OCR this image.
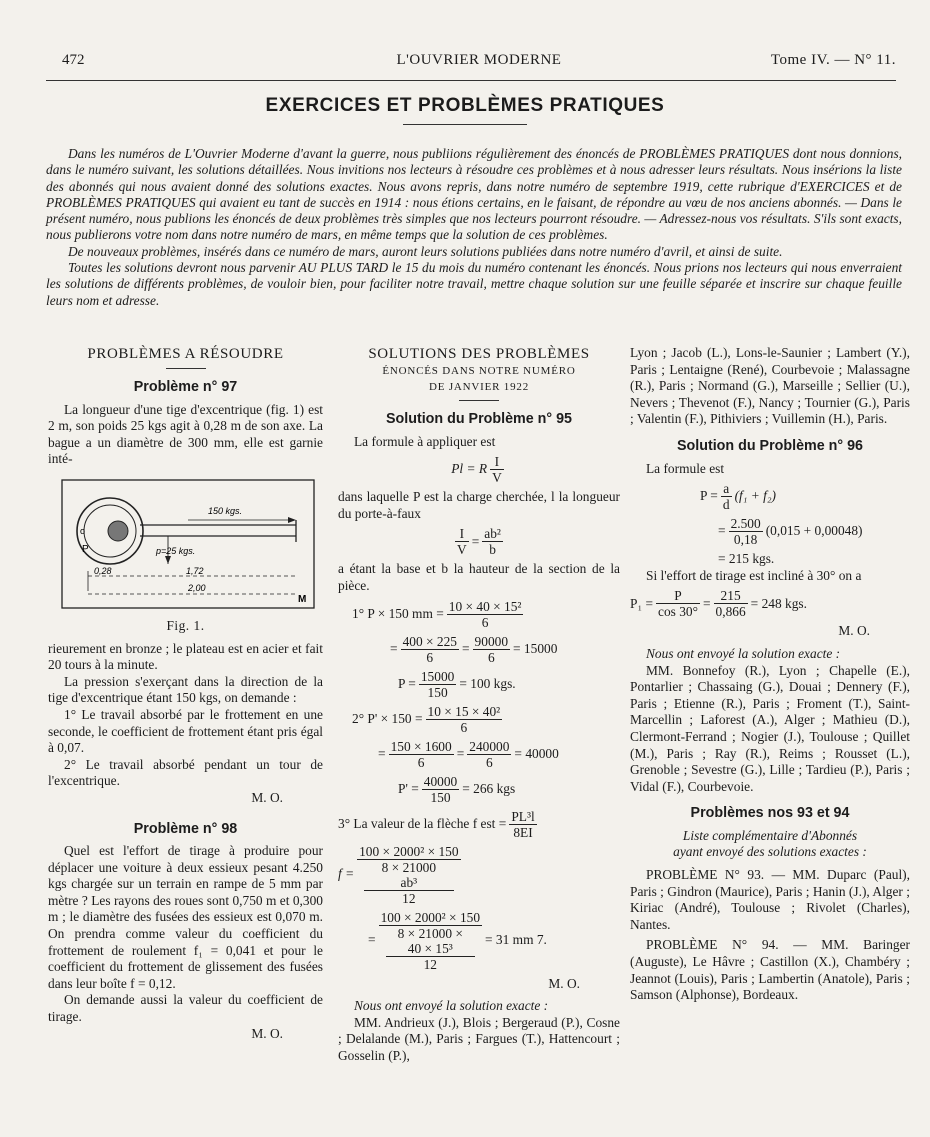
472	L'OUVRIER MODERNE	Tome IV. — N° 11.
EXERCICES ET PROBLÈMES PRATIQUES

Dans les numéros de L'Ouvrier Moderne d'avant la guerre, nous publiions régulièrement des énoncés de PROBLÈMES PRATIQUES dont nous donnions, dans le numéro suivant, les solutions détaillées. Nous invitions nos lecteurs à résoudre ces problèmes et à nous adresser leurs résultats. Nous insérions la liste des abonnés qui nous avaient donné des solutions exactes. Nous avons repris, dans notre numéro de septembre 1919, cette rubrique d'EXERCICES et de PROBLÈMES PRATIQUES qui avaient eu tant de succès en 1914 : nous étions certains, en le faisant, de répondre au vœu de nos anciens abonnés. — Dans le présent numéro, nous publions les énoncés de deux problèmes très simples que nos lecteurs pourront résoudre. — Adressez-nous vos résultats. S'ils sont exacts, nous publierons votre nom dans notre numéro de mars, en même temps que la solution de ces problèmes.

De nouveaux problèmes, insérés dans ce numéro de mars, auront leurs solutions publiées dans notre numéro d'avril, et ainsi de suite.

Toutes les solutions devront nous parvenir AU PLUS TARD le 15 du mois du numéro contenant les énoncés. Nous prions nos lecteurs qui nous enverraient les solutions de différents problèmes, de vouloir bien, pour faciliter notre travail, mettre chaque solution sur une feuille séparée et inscrire sur chaque feuille leurs nom et adresse.

PROBLÈMES A RÉSOUDRE
Problème n° 97

La longueur d'une tige d'excentrique (fig. 1) est 2 m, son poids 25 kgs agit à 0,28 m de son axe. La bague a un diamètre de 300 mm, elle est garnie inté-

150 kgs.
P	p=25 kgs.
0,28	1,72
2,00
o
M
Fig. 1.

rieurement en bronze ; le plateau est en acier et fait 20 tours à la minute.

La pression s'exerçant dans la direction de la tige d'excentrique étant 150 kgs, on demande :

1° Le travail absorbé par le frottement en une seconde, le coefficient de frottement étant pris égal à 0,07.

2° Le travail absorbé pendant un tour de l'excentrique.

M. O.
Problème n° 98

Quel est l'effort de tirage à produire pour déplacer une voiture à deux essieux pesant 4.250 kgs chargée sur un terrain en rampe de 5 mm par mètre ? Les rayons des roues sont 0,750 m et 0,300 m ; le diamètre des fusées des essieux est 0,070 m. On prendra comme valeur du coefficient du frottement de roulement f₁ = 0,041 et pour le coefficient du frottement de glissement des fusées dans leur boîte f = 0,12.

On demande aussi la valeur du coefficient de tirage.

M. O.
SOLUTIONS DES PROBLÈMES
ÉNONCÉS DANS NOTRE NUMÉRO
DE JANVIER 1922
Solution du Problème n° 95

La formule à appliquer est

Pl = R $\frac{I}{V}$

dans laquelle P est la charge cherchée, l la longueur du porte-à-faux

$\frac{I}{V} = \frac{\text{ab²}}{b}$

a étant la base et b la hauteur de la section de la pièce.

1° P × 150 mm = $\frac{\text{10 × 40 × 15²}}{6}$
= $\frac{400 \times 225}{6} = \frac{90000}{6} = 15000$
$P = \frac{15000}{150} = 100$ kgs.
2° $P' \times 150 = \frac{\text{10 × 15 × 40²}}{6}$
= $\frac{150 \times 1600}{6} = \frac{240000}{6} = 40000$
$P' = \frac{40000}{150} = 266$ kgs
3° La valeur de la flèche f est = $\frac{\text{PL³l}}{8EI}$
f = 100 × 2000² × 150
8 × 21000
ab³
12
= 100 × 2000² × 150
8 × 21000 ×
40 × 15³
12 = 31 mm 7.
M. O.

Nous ont envoyé la solution exacte :

MM. Andrieux (J.), Blois ; Bergeraud (P.), Cosne ; Delalande (M.), Paris ; Fargues (T.), Hattencourt ; Gosselin (P.),

Lyon ; Jacob (L.), Lons-le-Saunier ; Lambert (Y.), Paris ; Lentaigne (René), Courbevoie ; Malassagne (R.), Paris ; Normand (G.), Marseille ; Sellier (U.), Nevers ; Thevenot (F.), Nancy ; Tournier (G.), Paris ; Valentin (F.), Pithiviers ; Vuillemin (H.), Paris.

Solution du Problème n° 96

La formule est

$P = \frac{a}{d} (f_1 + f_2)$
= $\frac{2.500}{0,18} (0,015 + 0,00048)$
= 215 kgs.

Si l'effort de tirage est incliné à 30° on a

$P_1 = \frac{P}{\cos 30^\circ} = \frac{215}{0,866} = 248$ kgs.
M. O.

Nous ont envoyé la solution exacte :

MM. Bonnefoy (R.), Lyon ; Chapelle (E.), Pontarlier ; Chassaing (G.), Douai ; Dennery (F.), Paris ; Etienne (R.), Paris ; Froment (T.), Saint-Marcellin ; Laforest (A.), Alger ; Mathieu (D.), Clermont-Ferrand ; Nogier (J.), Toulouse ; Quillet (M.), Paris ; Ray (R.), Reims ; Rousset (L.), Grenoble ; Sevestre (G.), Lille ; Tardieu (P.), Paris ; Vidal (F.), Courbevoie.

Problèmes nos 93 et 94
Liste complémentaire d'Abonnés
ayant envoyé des solutions exactes :

PROBLÈME N° 93. — MM. Duparc (Paul), Paris ; Gindron (Maurice), Paris ; Hanin (J.), Alger ; Kiriac (André), Toulouse ; Rivolet (Charles), Nantes.

PROBLÈME N° 94. — MM. Baringer (Auguste), Le Hâvre ; Castillon (X.), Chambéry ; Jeannot (Louis), Paris ; Lambertin (Anatole), Paris ; Samson (Alphonse), Bordeaux.
